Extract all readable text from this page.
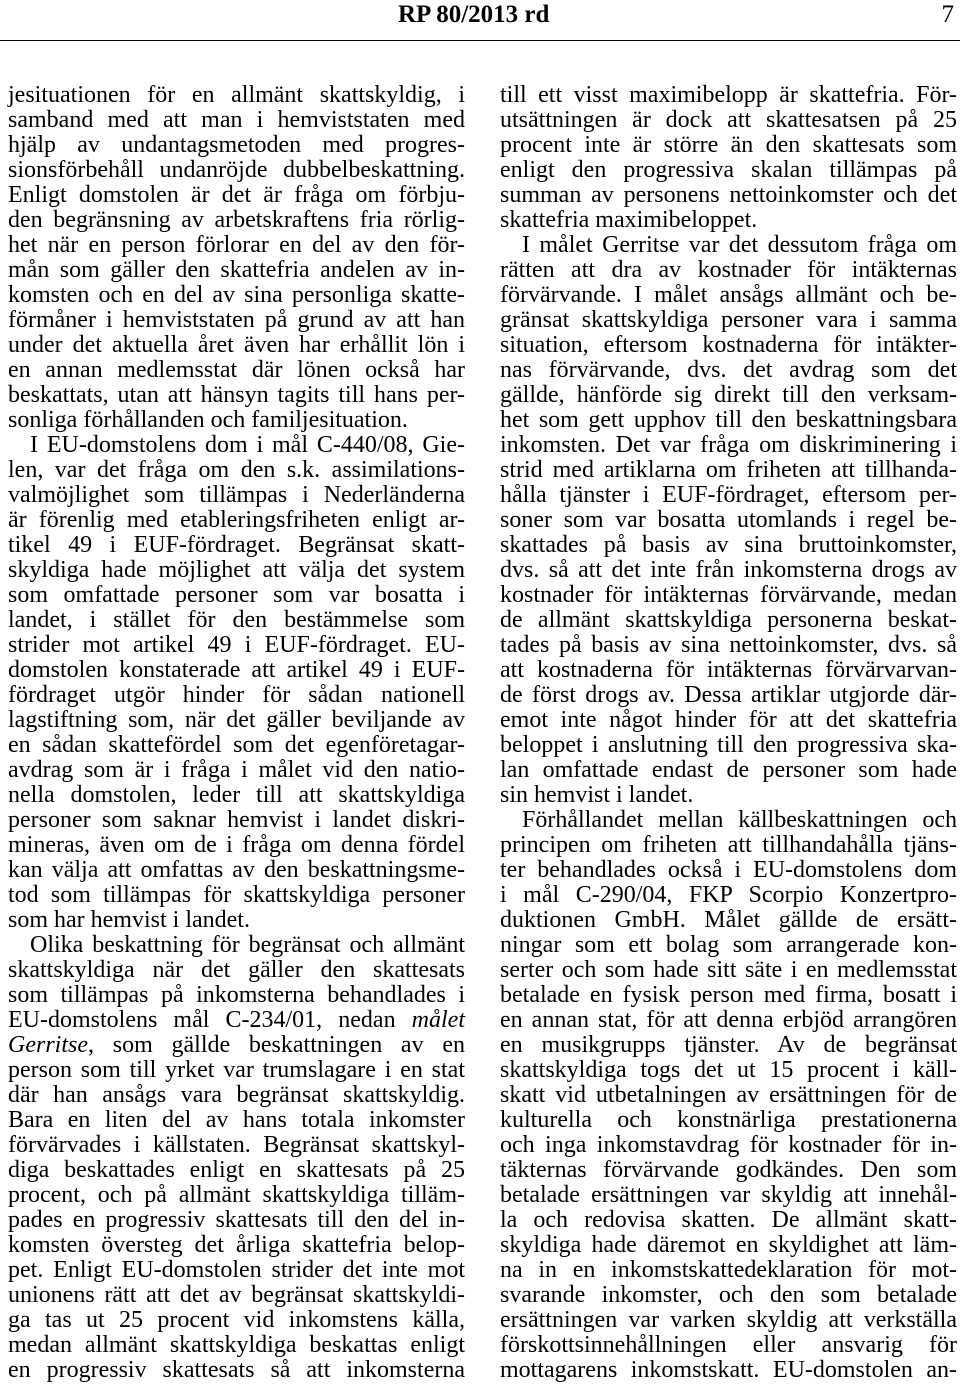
RP 80/2013 rd	7
jesituationen för en allmänt skattskyldig, i
samband med att man i hemviststaten med
hjälp av undantagsmetoden med progres-
sionsförbehåll undanröjde dubbelbeskattning.
Enligt domstolen är det är fråga om förbju-
den begränsning av arbetskraftens fria rörlig-
het när en person förlorar en del av den för-
mån som gäller den skattefria andelen av in-
komsten och en del av sina personliga skatte-
förmåner i hemviststaten på grund av att han
under det aktuella året även har erhållit lön i
en annan medlemsstat där lönen också har
beskattats, utan att hänsyn tagits till hans per-
sonliga förhållanden och familjesituation.
I EU-domstolens dom i mål C-440/08, Gie-
len, var det fråga om den s.k. assimilations-
valmöjlighet som tillämpas i Nederländerna
är förenlig med etableringsfriheten enligt ar-
tikel 49 i EUF-fördraget. Begränsat skatt-
skyldiga hade möjlighet att välja det system
som omfattade personer som var bosatta i
landet, i stället för den bestämmelse som
strider mot artikel 49 i EUF-fördraget. EU-
domstolen konstaterade att artikel 49 i EUF-
fördraget utgör hinder för sådan nationell
lagstiftning som, när det gäller beviljande av
en sådan skattefördel som det egenföretagar-
avdrag som är i fråga i målet vid den natio-
nella domstolen, leder till att skattskyldiga
personer som saknar hemvist i landet diskri-
mineras, även om de i fråga om denna fördel
kan välja att omfattas av den beskattningsme-
tod som tillämpas för skattskyldiga personer
som har hemvist i landet.
Olika beskattning för begränsat och allmänt
skattskyldiga när det gäller den skattesats
som tillämpas på inkomsterna behandlades i
EU-domstolens mål C-234/01, nedan målet
Gerritse, som gällde beskattningen av en
person som till yrket var trumslagare i en stat
där han ansågs vara begränsat skattskyldig.
Bara en liten del av hans totala inkomster
förvärvades i källstaten. Begränsat skattskyl-
diga beskattades enligt en skattesats på 25
procent, och på allmänt skattskyldiga tilläm-
pades en progressiv skattesats till den del in-
komsten översteg det årliga skattefria belop-
pet. Enligt EU-domstolen strider det inte mot
unionens rätt att det av begränsat skattskyldi-
ga tas ut 25 procent vid inkomstens källa,
medan allmänt skattskyldiga beskattas enligt
en progressiv skattesats så att inkomsterna
till ett visst maximibelopp är skattefria. För-
utsättningen är dock att skattesatsen på 25
procent inte är större än den skattesats som
enligt den progressiva skalan tillämpas på
summan av personens nettoinkomster och det
skattefria maximibeloppet.
I målet Gerritse var det dessutom fråga om
rätten att dra av kostnader för intäkternas
förvärvande. I målet ansågs allmänt och be-
gränsat skattskyldiga personer vara i samma
situation, eftersom kostnaderna för intäkter-
nas förvärvande, dvs. det avdrag som det
gällde, hänförde sig direkt till den verksam-
het som gett upphov till den beskattningsbara
inkomsten. Det var fråga om diskriminering i
strid med artiklarna om friheten att tillhanda-
hålla tjänster i EUF-fördraget, eftersom per-
soner som var bosatta utomlands i regel be-
skattades på basis av sina bruttoinkomster,
dvs. så att det inte från inkomsterna drogs av
kostnader för intäkternas förvärvande, medan
de allmänt skattskyldiga personerna beskat-
tades på basis av sina nettoinkomster, dvs. så
att kostnaderna för intäkternas förvärvarvan-
de först drogs av. Dessa artiklar utgjorde där-
emot inte något hinder för att det skattefria
beloppet i anslutning till den progressiva ska-
lan omfattade endast de personer som hade
sin hemvist i landet.
Förhållandet mellan källbeskattningen och
principen om friheten att tillhandahålla tjäns-
ter behandlades också i EU-domstolens dom
i mål C-290/04, FKP Scorpio Konzertpro-
duktionen GmbH. Målet gällde de ersätt-
ningar som ett bolag som arrangerade kon-
serter och som hade sitt säte i en medlemsstat
betalade en fysisk person med firma, bosatt i
en annan stat, för att denna erbjöd arrangören
en musikgrupps tjänster. Av de begränsat
skattskyldiga togs det ut 15 procent i käll-
skatt vid utbetalningen av ersättningen för de
kulturella och konstnärliga prestationerna
och inga inkomstavdrag för kostnader för in-
täkternas förvärvande godkändes. Den som
betalade ersättningen var skyldig att innehål-
la och redovisa skatten. De allmänt skatt-
skyldiga hade däremot en skyldighet att läm-
na in en inkomstskattedeklaration för mot-
svarande inkomster, och den som betalade
ersättningen var varken skyldig att verkställa
förskottsinnehållningen eller ansvarig för
mottagarens inkomstskatt. EU-domstolen an-
